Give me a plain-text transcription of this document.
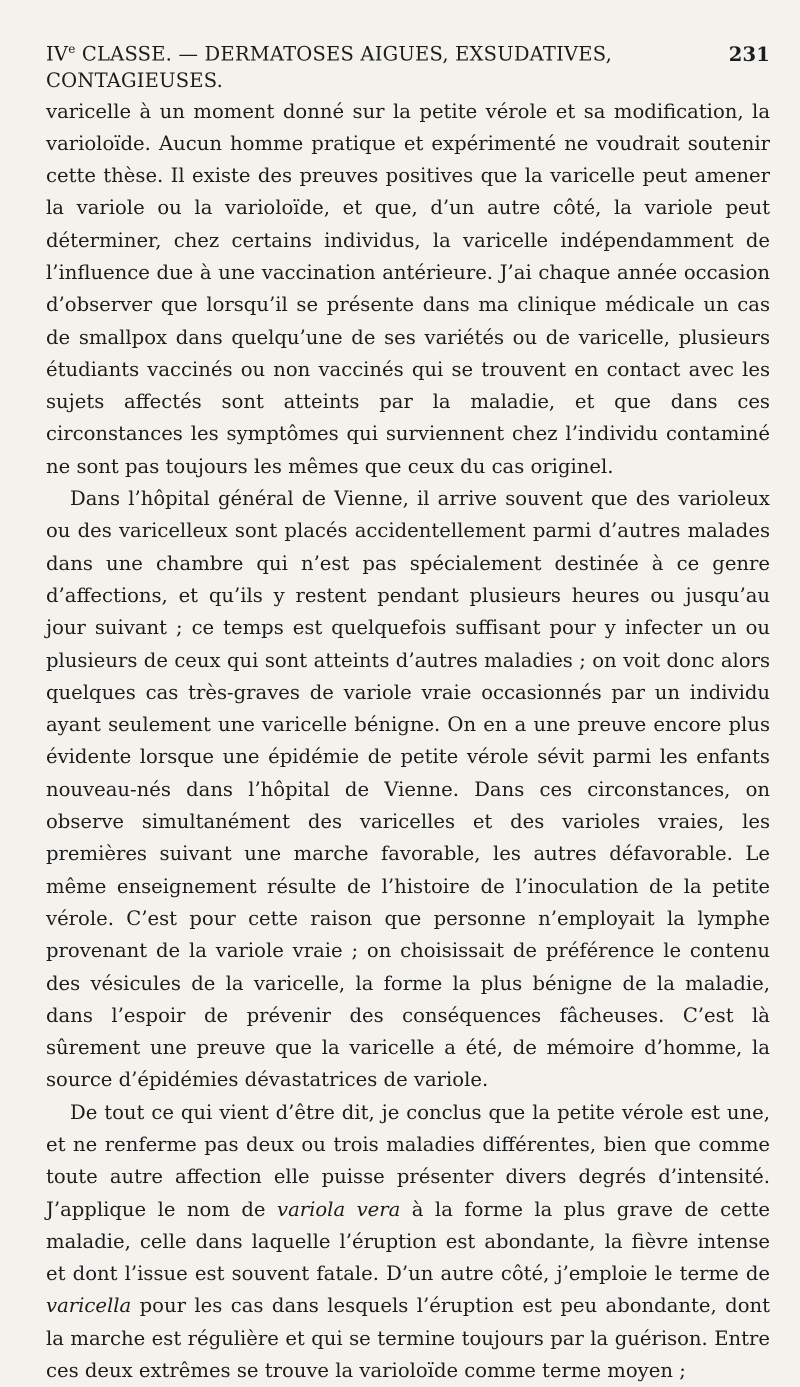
IVe CLASSE. — DERMATOSES AIGUES, EXSUDATIVES, CONTAGIEUSES.
231

varicelle à un moment donné sur la petite vérole et sa modification, la varioloïde. Aucun homme pratique et expérimenté ne voudrait soutenir cette thèse. Il existe des preuves positives que la varicelle peut amener la variole ou la varioloïde, et que, d’un autre côté, la variole peut déterminer, chez certains individus, la varicelle indépendamment de l’influence due à une vaccination antérieure. J’ai chaque année occasion d’observer que lorsqu’il se présente dans ma clinique médicale un cas de smallpox dans quelqu’une de ses variétés ou de varicelle, plusieurs étudiants vaccinés ou non vaccinés qui se trouvent en contact avec les sujets affectés sont atteints par la maladie, et que dans ces circonstances les symptômes qui surviennent chez l’individu contaminé ne sont pas toujours les mêmes que ceux du cas originel.

Dans l’hôpital général de Vienne, il arrive souvent que des varioleux ou des varicelleux sont placés accidentellement parmi d’autres malades dans une chambre qui n’est pas spécialement destinée à ce genre d’affections, et qu’ils y restent pendant plusieurs heures ou jusqu’au jour suivant ; ce temps est quelquefois suffisant pour y infecter un ou plusieurs de ceux qui sont atteints d’autres maladies ; on voit donc alors quelques cas très-graves de variole vraie occasionnés par un individu ayant seulement une varicelle bénigne. On en a une preuve encore plus évidente lorsque une épidémie de petite vérole sévit parmi les enfants nouveau-nés dans l’hôpital de Vienne. Dans ces circonstances, on observe simultanément des varicelles et des varioles vraies, les premières suivant une marche favorable, les autres défavorable. Le même enseignement résulte de l’histoire de l’inoculation de la petite vérole. C’est pour cette raison que personne n’employait la lymphe provenant de la variole vraie ; on choisissait de préférence le contenu des vésicules de la varicelle, la forme la plus bénigne de la maladie, dans l’espoir de prévenir des conséquences fâcheuses. C’est là sûrement une preuve que la varicelle a été, de mémoire d’homme, la source d’épidémies dévastatrices de variole.

De tout ce qui vient d’être dit, je conclus que la petite vérole est une, et ne renferme pas deux ou trois maladies différentes, bien que comme toute autre affection elle puisse présenter divers degrés d’intensité. J’applique le nom de variola vera à la forme la plus grave de cette maladie, celle dans laquelle l’éruption est abondante, la fièvre intense et dont l’issue est souvent fatale. D’un autre côté, j’emploie le terme de varicella pour les cas dans lesquels l’éruption est peu abondante, dont la marche est régulière et qui se termine toujours par la guérison. Entre ces deux extrêmes se trouve la varioloïde comme terme moyen ;
